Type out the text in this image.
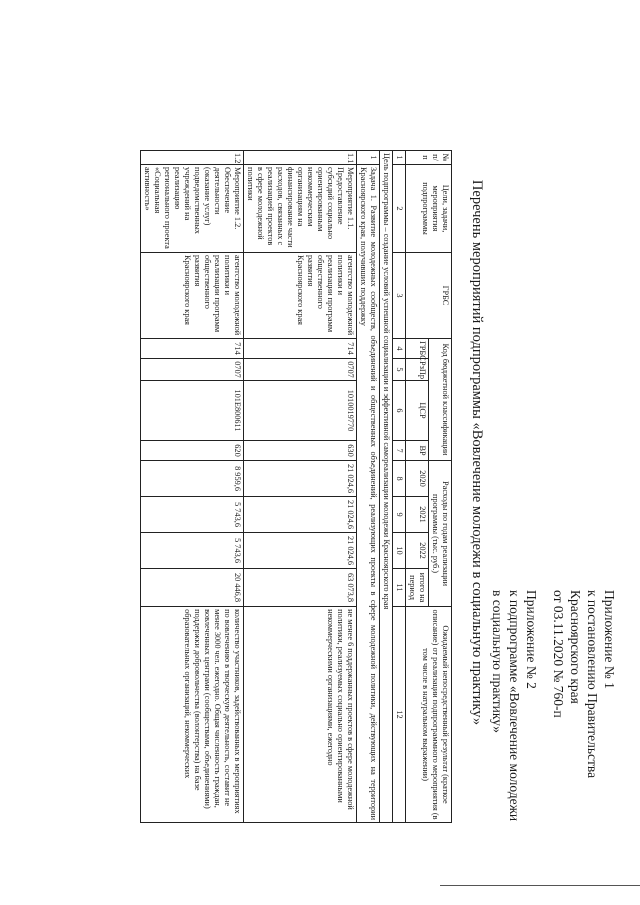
Приложение № 1
к постановлению Правительства
Красноярского края
от 03.11.2020 № 760-п
Приложение № 2
к подпрограмме «Вовлечение молодежи
в социальную практику»
Перечень мероприятий подпрограммы «Вовлечение молодежи в социальную практику»
№ п/п	Цели, задачи, мероприятия подпрограммы	ГРБС	Код бюджетной классификации				Расходы по годам реализации программы (тыс. руб.)				Ожидаемый непосредственный результат (краткое описание) от реализации подпрограммного мероприятия (в том числе в натуральном выражении)
			ГРБС	РзПр	ЦСР	ВР	2020	2021	2022	итого на период	
1	2	3	4	5	6	7	8	9	10	11	12
Цель подпрограммы – создание условий успешной социализации и эффективной самореализации молодежи Красноярского края											
1	Задача 1. Развитие молодежных сообществ, объединений и общественных объединений, реализующих проекты в сфере молодежной политики, действующих на территории Красноярского края, получивших поддержку										
1.1	Мероприятие 1.1. Предоставление субсидий социально ориентированным некоммерческим организациям на финансирование части расходов, связанных с реализацией проектов в сфере молодежной политики	агентство молодежной политики и реализации программ общественного развития Красноярского края	714	0707	1010019770	630	21 024,6	21 024,6	21 024,6	63 073,8	не менее 6 поддержанных проектов в сфере молодежной политики, реализуемых социально ориентированными некоммерческими организациями, ежегодно
1.2	Мероприятие 1.2. Обеспечение деятельности (оказание услуг) подведомственных учреждений на реализацию регионального проекта «Социальная активность»	агентство молодежной политики и реализации программ общественного развития Красноярского края	714	0707	101E800611	620	8 959,6	5 743,6	5 743,6	20 446,8	количество участников, задействованных в мероприятиях по вовлечению в творческую деятельность, составит не менее 3000 чел. ежегодно. Общая численность граждан, вовлеченных центрами (сообществами, объединениями) поддержки добровольчества (волонтерства) на базе образовательных организаций, некоммерческих
